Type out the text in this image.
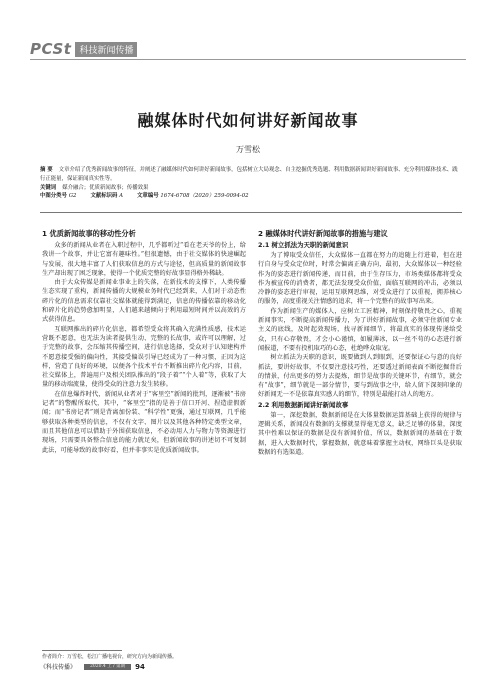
PCSt 科技新闻传播
融媒体时代如何讲好新闻故事
万雪松
摘 要 文章介绍了优秀新闻故事的特征，并阐述了融媒体时代如何讲好新闻故事，包括树立大局观念、自主挖掘优秀选题、利用数据新闻讲好新闻故事、充分利用媒体技术、践行正能量，保证新闻真实性等。
关键词 媒介融合；优质新闻故事；传播效果
中图分类号 G2	文献标识码 A	文章编号 1674-6708（2020）259-0094-02
1 优质新闻故事的移动性分析

众多的新闻从业者在入职过程中，几乎都听过“看在老天爷的份上，给我讲一个故事，并让它富有趣味性。”但很遗憾，由于社交媒体的快速崛起与发展，很大地丰富了人们获取信息的方式与途径，但高质量的新闻故事生产却出现了困乏现象，使得一个优质完整的好故事显得格外稀缺。

由于大众传媒是新闻业事业上的失落，在新技术的支撑下，人类传播生态实现了重构，新闻传播的大规模业务时代已经到来，人们对于动态性碎片化的信息需求仅靠社交媒体就能得到满足，信息的传播依靠的移动化和碎片化的趋势愈加明显，人们越来越倾向于利用最短时间并以高效的方式获得信息。

互联网推出的碎片化信息，都希望受众将其确入充满性质感，技术运营既不愿意，也无法为读者提供生动、完整的长故事，或许可以理解，过于完整的故事，会压缩其传播空间，进行信息选择，受众对于认知建构并不愿意接受强的偏向性，其接受偏误引导已经成为了一种习惯，正因为这样，营造了良好的环境，以便各个技术平台不断推出碎片化内容，目前，社交媒体上，普遍用户及相关团队推出的“段子着”“个人着”等，获取了大量的移动端流量，使得受众的注意力发生转移。

在信息爆炸时代，新闻从业者对于“客里空”新闻的批判，逐渐被“书房记者”的警醒所取代，其中，“客里空”指的是善于信口开河、捏造虚假新闻；而“书房记者”则是背离加份装、“科学性”更强，通过互联网，几乎能够获取各种类型的信息，不仅有文字、图片以及其他各种特定类型文章，而且其他信息可以借助于外围获取信息，不必动用人力与物力等资源进行现场，只需要具备整合信息的能力就足矣，但新闻故事的讲述切不可复制此法，可能导致的故事好看，但并非事实是优质新闻故事。

2 融媒体时代讲好新闻故事的措施与建议
2.1 树立抓法为天职的新闻意识

为了博取受众信任，大众媒体一直都在努力的追随上行进着，但在进行自身与受众定位时，时常会偏离正确方向，最初，大众媒体以一种经验作为的姿态进行新闻传递，而目前，由于生存压力，市场类媒体都将受众作为被宣传的消费者，都无法发现受众价值，面临互联网的冲击，必须以冷静的姿态进行审视，运用互联网思维，对受众进行了以重视，拥养核心的服务，高度重视关注情感的追求，将一个完整有的故事写出来。

作为新闻生产的媒体人，应树立工匠精神，时刻保持敬畏之心，重视新闻事实，不断提高新闻传播力，为了讲好新闻故事，必须守住新闻专业主义的底线，及时起效现场，找寻新闻细节，将最真实的体现传递给受众，只有心存敬畏，才会小心谨慎，如履薄冰，以一丝不苟的心态进行新闻报道，不要有投机取巧的心态，杜绝哗众取宠。

树立抓法为天职的意识，既要做到人到眼到，还要保证心与意的良好抓法，要讲好故事，不仅要注意技巧性，还要透过新闻表面不断挖掘背后的情景，付出更多的努力去提炼，细节是故事的关键环节，有细节，就会有“故事”，细节就是一部分情节，要与到故事之中，给人留下深刻印象的好新闻无一不是依靠真实感人的细节，特别是最能打动人的地方。

2.2 利用数据新闻讲好新闻故事

第一，深挖数据，数据新闻是在大体量数据运算基础上获得的规律与逻辑关系，新闻没有数据的支撑就显得毫无意义，缺乏足够的体量，深度其中性难以保证的数据是没有新闻价值，所以，数据新闻的基础在于数据，进入大数据时代，掌握数据，就意味着掌握主动权，网络巨头是获取数据的有选渠道。

作者简介：万雪松，松江广播电视台，研究方向为新闻传播。
《科技传播》	2020.4 上 / 第期	94
